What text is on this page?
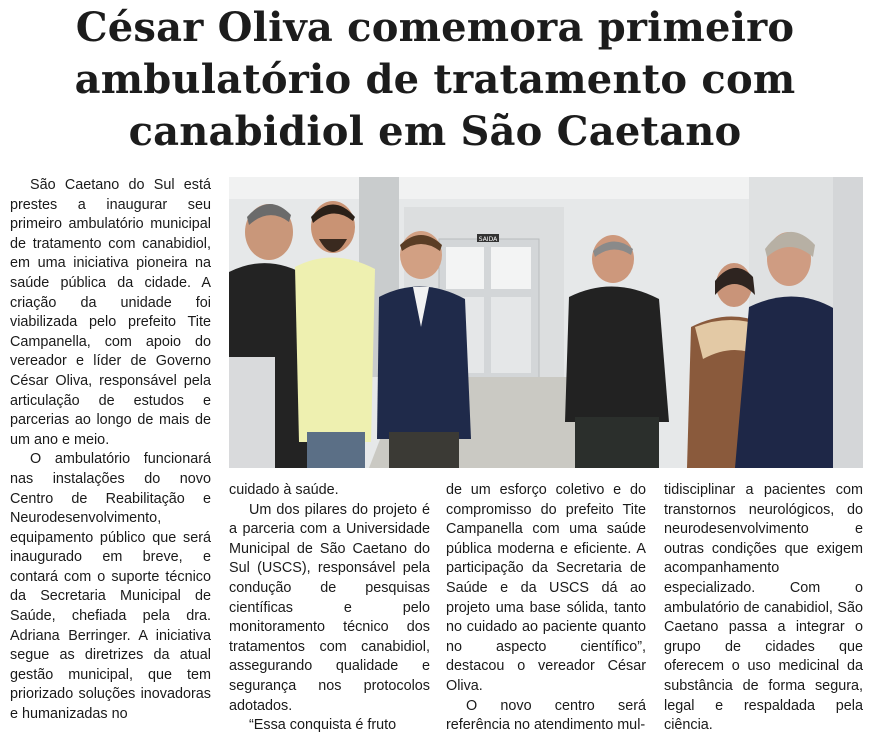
César Oliva comemora primeiro
ambulatório de tratamento com
canabidiol em São Caetano

São Caetano do Sul está prestes a inaugurar seu primeiro ambulatório municipal de tratamento com canabidiol, em uma iniciativa pioneira na saúde pública da cidade. A criação da unidade foi viabilizada pelo prefeito Tite Campanella, com apoio do vereador e líder de Governo César Oliva, responsável pela articulação de estudos e parcerias ao longo de mais de um ano e meio.

O ambulatório funcionará nas instalações do novo Centro de Reabilitação e Neurodesenvolvimento, equipamento público que será inaugurado em breve, e contará com o suporte técnico da Secretaria Municipal de Saúde, chefiada pela dra. Adriana Berringer. A iniciativa segue as diretrizes da atual gestão municipal, que tem priorizado soluções inovadoras e humanizadas no

SAIDA

cuidado à saúde.

Um dos pilares do projeto é a parceria com a Universidade Municipal de São Caetano do Sul (USCS), responsável pela condução de pesquisas científicas e pelo monitoramento técnico dos tratamentos com canabidiol, assegurando qualidade e segurança nos protocolos adotados.

“Essa conquista é fruto

de um esforço coletivo e do compromisso do prefeito Tite Campanella com uma saúde pública moderna e eficiente. A participação da Secretaria de Saúde e da USCS dá ao projeto uma base sólida, tanto no cuidado ao paciente quanto no aspecto científico”, destacou o vereador César Oliva.

O novo centro será referência no atendimento mul-

tidisciplinar a pacientes com transtornos neurológicos, do neurodesenvolvimento e outras condições que exigem acompanhamento especializado. Com o ambulatório de canabidiol, São Caetano passa a integrar o grupo de cidades que oferecem o uso medicinal da substância de forma segura, legal e respaldada pela ciência.
